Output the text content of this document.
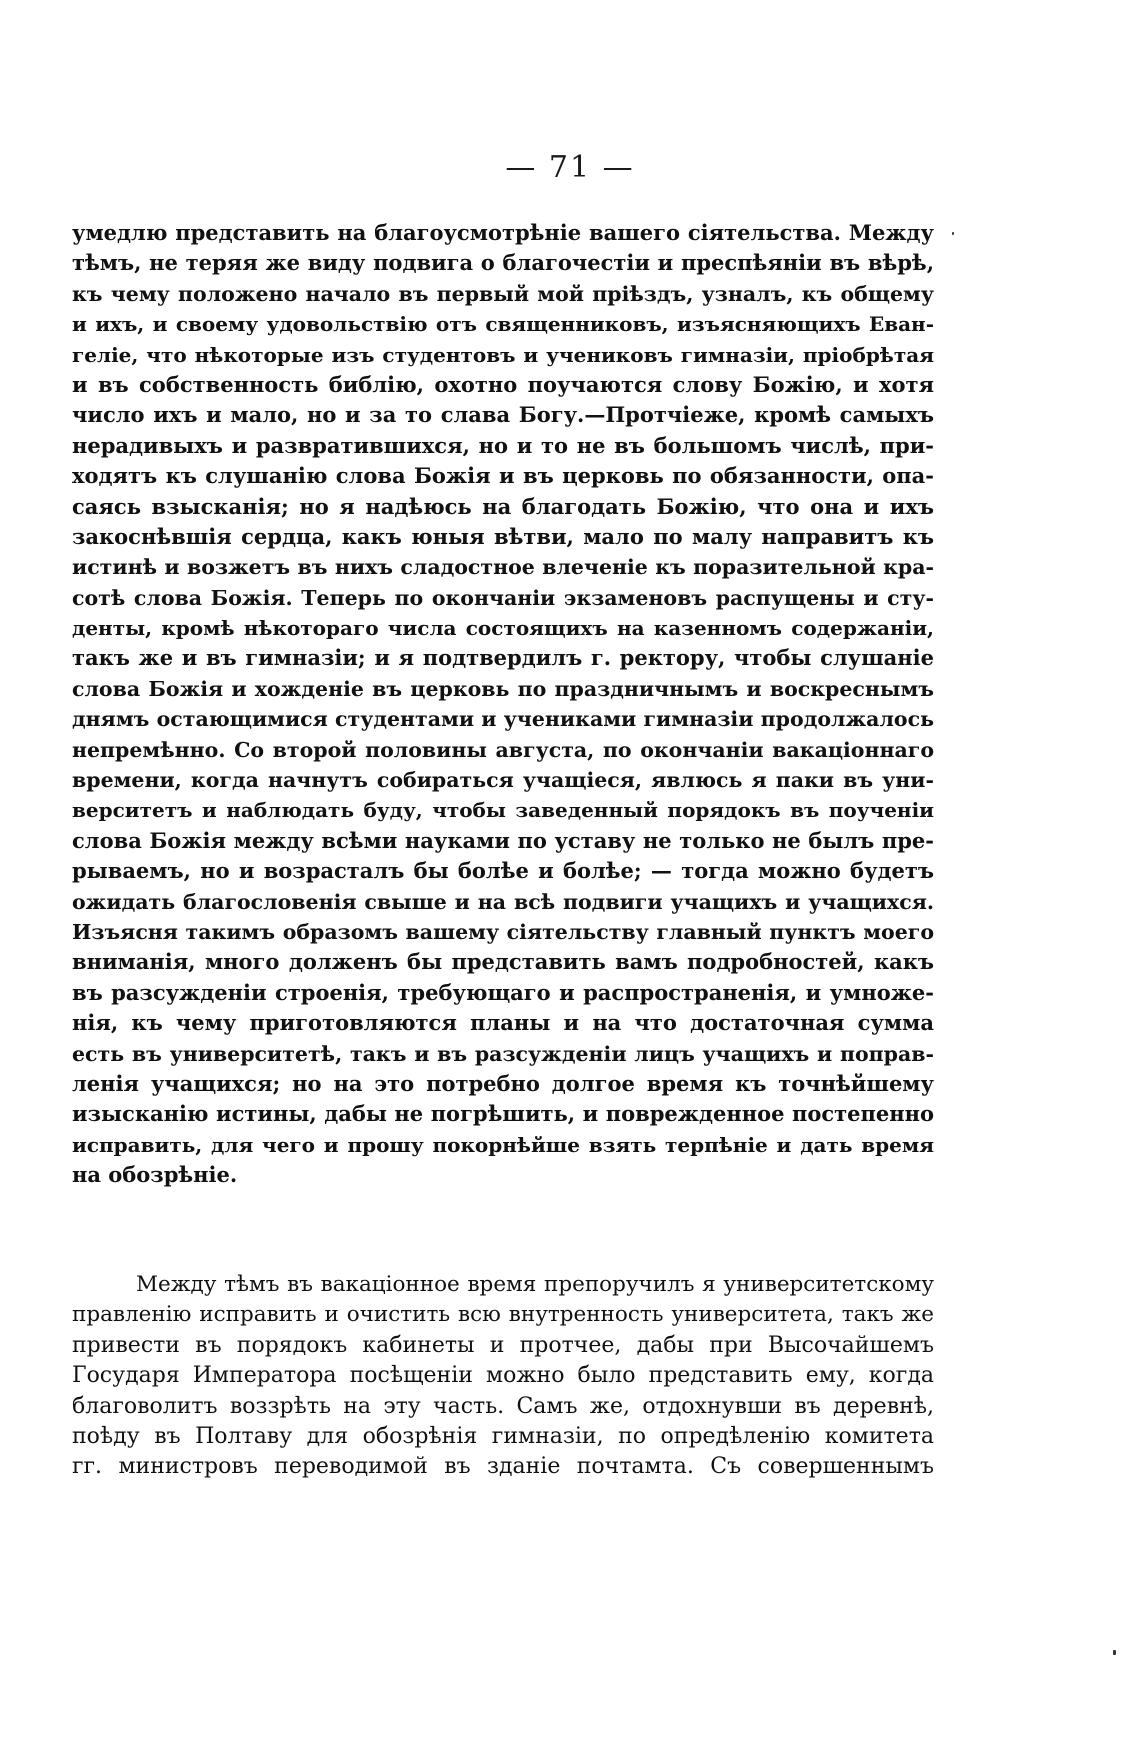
— 71 —
умедлю представить на благоусмотрѣніе вашего сіятельства. Между
тѣмъ, не теряя же виду подвига о благочестіи и преспѣяніи въ вѣрѣ,
къ чему положено начало въ первый мой пріѣздъ, узналъ, къ общему
и ихъ, и своему удовольствію отъ священниковъ, изъясняющихъ Еван-
геліе, что нѣкоторые изъ студентовъ и учениковъ гимназіи, пріобрѣтая
и въ собственность библію, охотно поучаются слову Божію, и хотя
число ихъ и мало, но и за то слава Богу.—Протчіеже, кромѣ самыхъ
нерадивыхъ и развратившихся, но и то не въ большомъ числѣ, при-
ходятъ къ слушанію слова Божія и въ церковь по обязанности, опа-
саясь взысканія; но я надѣюсь на благодать Божію, что она и ихъ
закоснѣвшія сердца, какъ юныя вѣтви, мало по малу направитъ къ
истинѣ и возжетъ въ нихъ сладостное влеченіе къ поразительной кра-
сотѣ слова Божія. Теперь по окончаніи экзаменовъ распущены и сту-
денты, кромѣ нѣкотораго числа состоящихъ на казенномъ содержаніи,
такъ же и въ гимназіи; и я подтвердилъ г. ректору, чтобы слушаніе
слова Божія и хожденіе въ церковь по праздничнымъ и воскреснымъ
днямъ остающимися студентами и учениками гимназіи продолжалось
непремѣнно. Со второй половины августа, по окончаніи вакаціоннаго
времени, когда начнутъ собираться учащіеся, явлюсь я паки въ уни-
верситетъ и наблюдать буду, чтобы заведенный порядокъ въ поученіи
слова Божія между всѣми науками по уставу не только не былъ пре-
рываемъ, но и возрасталъ бы болѣе и болѣе; — тогда можно будетъ
ожидать благословенія свыше и на всѣ подвиги учащихъ и учащихся.
Изъясня такимъ образомъ вашему сіятельству главный пунктъ моего
вниманія, много долженъ бы представить вамъ подробностей, какъ
въ разсужденіи строенія, требующаго и распространенія, и умноже-
нія, къ чему приготовляются планы и на что достаточная сумма
есть въ университетѣ, такъ и въ разсужденіи лицъ учащихъ и поправ-
ленія учащихся; но на это потребно долгое время къ точнѣйшему
изысканію истины, дабы не погрѣшить, и поврежденное постепенно
исправить, для чего и прошу покорнѣйше взять терпѣніе и дать время
на обозрѣніе.
Между тѣмъ въ вакаціонное время препоручилъ я университетскому
правленію исправить и очистить всю внутренность университета, такъ же
привести въ порядокъ кабинеты и протчее, дабы при Высочайшемъ
Государя Императора посѣщеніи можно было представить ему, когда
благоволитъ воззрѣть на эту часть. Самъ же, отдохнувши въ деревнѣ,
поѣду въ Полтаву для обозрѣнія гимназіи, по опредѣленію комитета
гг. министровъ переводимой въ зданіе почтамта. Съ совершеннымъ
